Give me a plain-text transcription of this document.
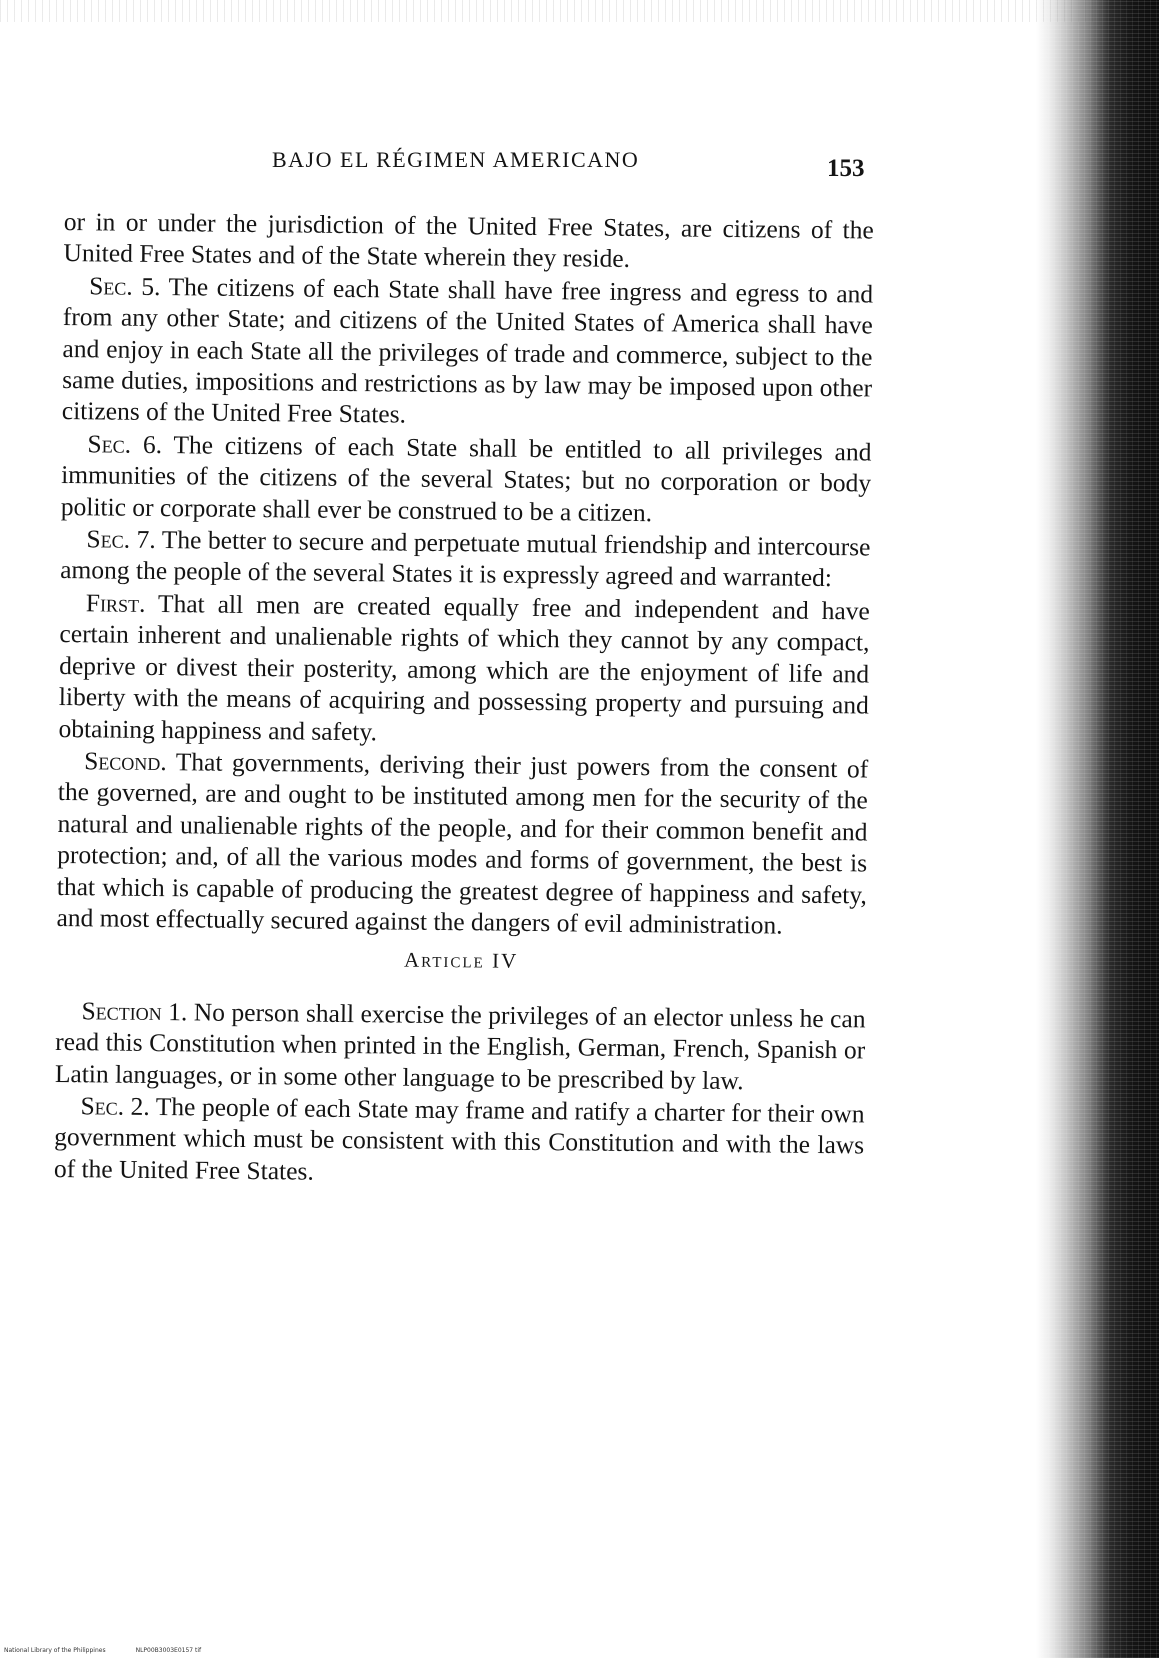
BAJO EL RÉGIMEN AMERICANO	153

or in or under the jurisdiction of the United Free States, are citizens of the United Free States and of the State wherein they reside.

Sec. 5. The citizens of each State shall have free ingress and egress to and from any other State; and citizens of the United States of America shall have and enjoy in each State all the privileges of trade and commerce, subject to the same duties, impositions and restrictions as by law may be imposed upon other citizens of the United Free States.

Sec. 6. The citizens of each State shall be entitled to all privileges and immunities of the citizens of the several States; but no corporation or body politic or corporate shall ever be construed to be a citizen.

Sec. 7. The better to secure and perpetuate mutual friendship and intercourse among the people of the several States it is expressly agreed and warranted:

First. That all men are created equally free and independent and have certain inherent and unalienable rights of which they cannot by any compact, deprive or divest their posterity, among which are the enjoyment of life and liberty with the means of acquiring and possessing property and pursuing and obtaining happiness and safety.

Second. That governments, deriving their just powers from the consent of the governed, are and ought to be instituted among men for the security of the natural and unalienable rights of the people, and for their common benefit and protection; and, of all the various modes and forms of government, the best is that which is capable of producing the greatest degree of happiness and safety, and most effectually secured against the dangers of evil administration.

Article IV

Section 1. No person shall exercise the privileges of an elector unless he can read this Constitution when printed in the English, German, French, Spanish or Latin languages, or in some other language to be prescribed by law.

Sec. 2. The people of each State may frame and ratify a charter for their own government which must be consistent with this Constitution and with the laws of the United Free States.

National Library of the Philippines	NLP00B3003E0157 tif
